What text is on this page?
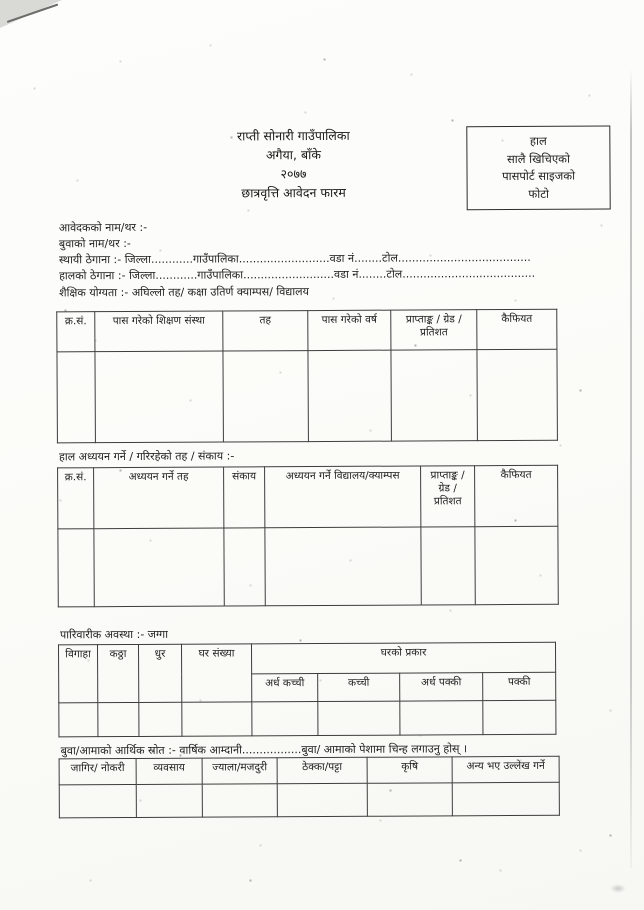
राप्ती सोनारी गाउँपालिका
अगैया, बाँके
२०७७
छात्रवृत्ति आवेदन फारम
हाल
सालै खिचिएको
पासपोर्ट साइजको
फोटो
आवेदकको नाम/थर :-
बुवाको नाम/थर :-
स्थायी ठेगाना :- जिल्ला............गाउँपालिका..........................वडा नं........टोल......................................
हालको ठेगाना :- जिल्ला............गाउँपालिका..........................वडा नं........टोल......................................
शैक्षिक योग्यता :- अघिल्लो तह/ कक्षा उतिर्ण क्याम्पस/ विद्यालय
क्र.सं.	पास गरेको शिक्षण संस्था	तह	पास गरेको वर्ष	प्राप्ताङ्क / ग्रेड / प्रतिशत	कैफियत

हाल अध्ययन गर्ने / गरिरहेको तह / संकाय :-
क्र.सं.	अध्ययन गर्ने तह	संकाय	अध्ययन गर्ने विद्यालय/क्याम्पस	प्राप्ताङ्क / ग्रेड / प्रतिशत	कैफियत

पारिवारीक अवस्था :- जग्गा
विगाहा	कठ्ठा	धुर	घर संख्या	घरको प्रकार			
				अर्ध कच्ची	कच्ची	अर्ध पक्की	पक्की

बुवा/आमाको आर्थिक स्रोत :- वार्षिक आम्दानी.................बुवा/ आमाको पेशामा चिन्ह लगाउनु होस् ।
जागिर/ नोकरी	व्यवसाय	ज्याला/मजदुरी	ठेक्का/पट्टा	कृषि	अन्य भए उल्लेख गर्ने
